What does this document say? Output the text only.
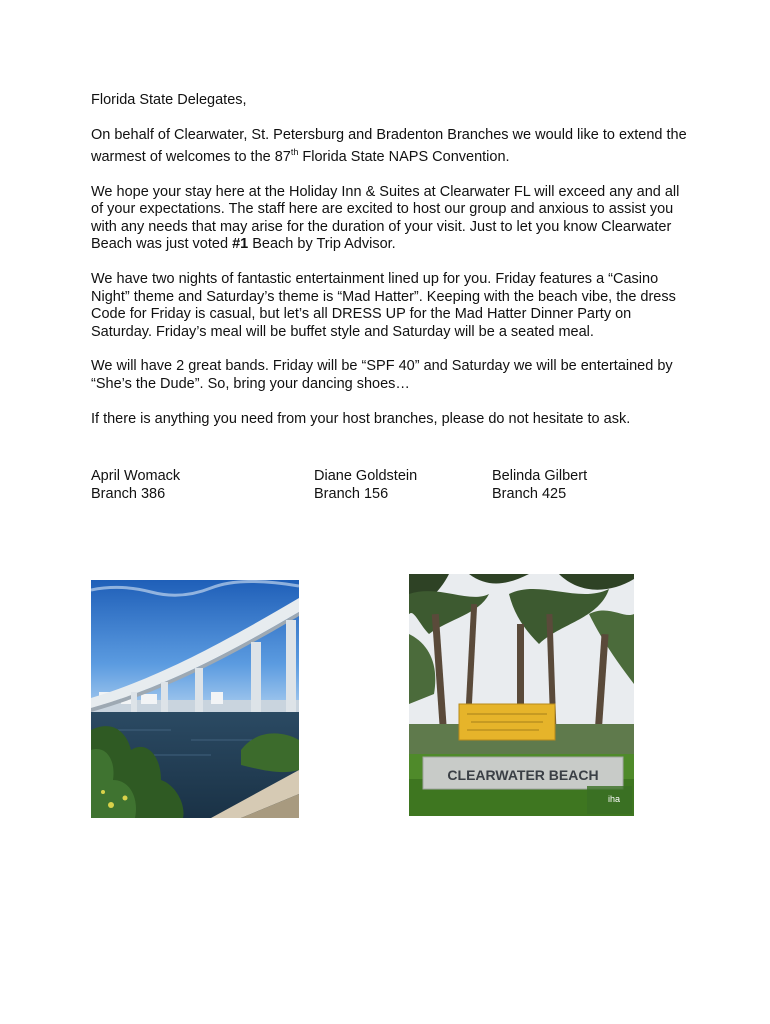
Florida State Delegates,

On behalf of Clearwater, St. Petersburg and Bradenton Branches we would like to extend the warmest of welcomes to the 87th Florida State NAPS Convention.

We hope your stay here at the Holiday Inn & Suites at Clearwater FL will exceed any and all of your expectations. The staff here are excited to host our group and anxious to assist you with any needs that may arise for the duration of your visit. Just to let you know Clearwater Beach was just voted #1 Beach by Trip Advisor.

We have two nights of fantastic entertainment lined up for you. Friday features a “Casino Night” theme and Saturday’s theme is “Mad Hatter”. Keeping with the beach vibe, the dress Code for Friday is casual, but let’s all DRESS UP for the Mad Hatter Dinner Party on Saturday. Friday’s meal will be buffet style and Saturday will be a seated meal.

We will have 2 great bands. Friday will be “SPF 40” and Saturday we will be entertained by “She’s the Dude”. So, bring your dancing shoes…

If there is anything you need from your host branches, please do not hesitate to ask.

April Womack
Branch 386
Diane Goldstein
Branch 156
Belinda Gilbert
Branch 425
CLEARWATER BEACH
iha
